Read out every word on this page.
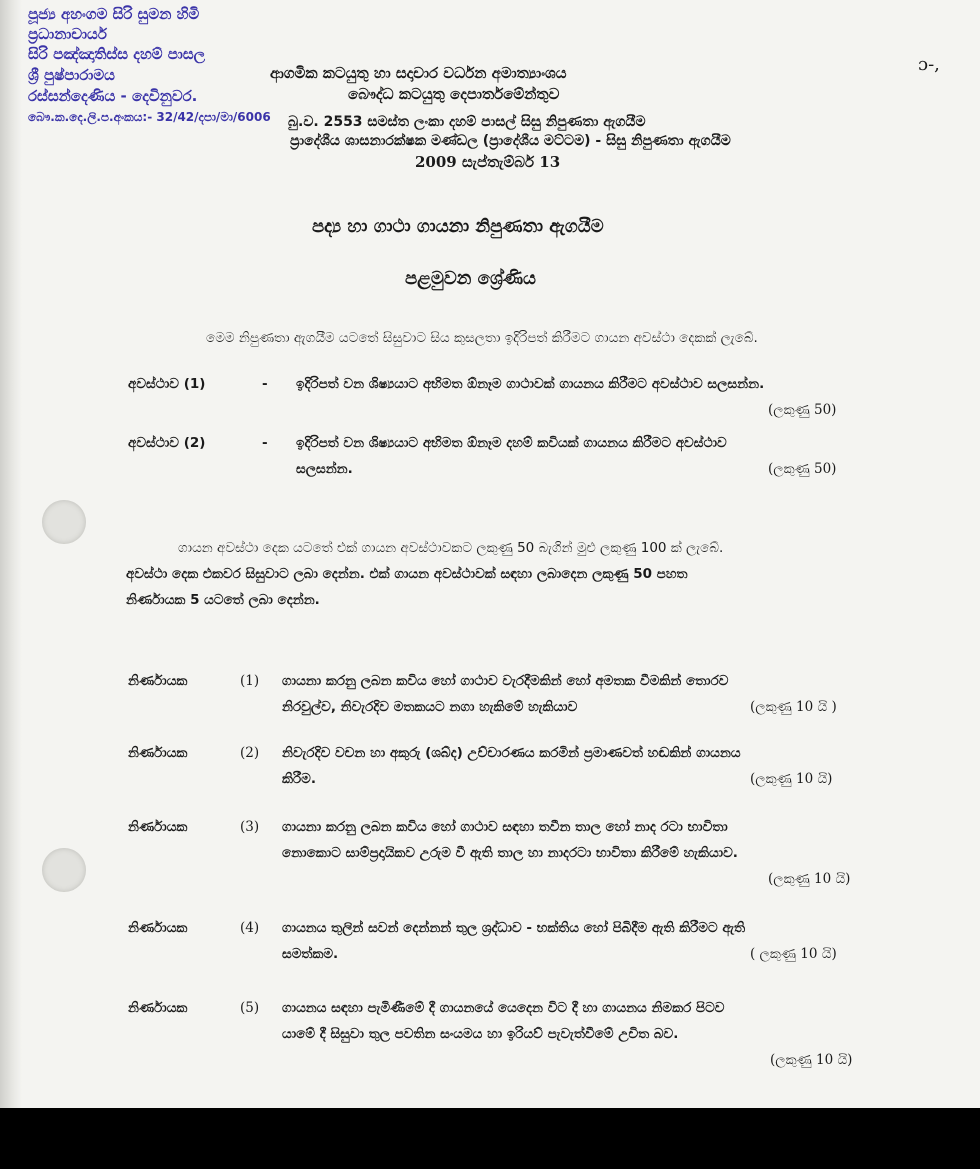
පූජ්‍ය අහංගම සිරි සුමන හිමි
ප්‍රධානාචාර්ය
සිරි පඤ්ඤාතිස්ස දහම් පාසල
ශ්‍රී පුෂ්පාරාමය
රස්සන්දෙණිය - දෙවිනුවර.
බෞ.ක.දෙ.ලි.ප.අංකය:- 32/42/දපා/මා/6006
ɔ-,
ආගමික කටයුතු හා සදාචාර වර්ධන අමාත්‍යාංශය
බෞද්ධ කටයුතු දෙපාර්තමේන්තුව
බු.ව. 2553 සමස්ත ලංකා දහම් පාසල් සිසු නිපුණතා ඇගයීම
ප්‍රාදේශීය ශාසනාරක්ෂක මණ්ඩල (ප්‍රාදේශීය මට්ටම) - සිසු නිපුණතා ඇගයීම
2009 සැප්තැම්බර් 13
පද්‍ය හා ගාථා ගායනා නිපුණතා ඇගයීම
පළමුවන ශ්‍රේණිය
මෙම නිපුණතා ඇගයීම යටතේ සිසුවාට සිය කුසලතා ඉදිරිපත් කිරීමට ගායන අවස්ථා දෙකක් ලැබේ.
අවස්ථාව (1)	- ඉදිරිපත් වන ශිෂ්‍යයාට අභිමත ඕනෑම ගාථාවක් ගායනය කිරීමට අවස්ථාව සලසන්න.
(ලකුණු 50)
අවස්ථාව (2)	- ඉදිරිපත් වන ශිෂ්‍යයාට අභිමත ඕනෑම දහම් කවියක් ගායනය කිරීමට අවස්ථාව
සලසන්න.	(ලකුණු 50)
ගායන අවස්ථා දෙක යටතේ එක් ගායන අවස්ථාවකට ලකුණු 50 බැගින් මුළු ලකුණු 100 ක් ලැබේ.
අවස්ථා දෙක එකවර සිසුවාට ලබා දෙන්න. එක් ගායන අවස්ථාවක් සඳහා ලබාදෙන ලකුණු 50 පහත
නිර්ණායක 5 යටතේ ලබා දෙන්න.
නිර්ණායක	(1) ගායනා කරනු ලබන කවිය හෝ ගාථාව වැරදීමකින් හෝ අමතක වීමකින් තොරව
නිරවුල්ව, නිවැරදිව මතකයට නගා හැකිමේ හැකියාව	(ලකුණු 10 යි )
නිර්ණායක	(2) නිවැරදිව වචන හා අකුරු (ශබ්ද) උච්චාරණය කරමින් ප්‍රමාණවත් හඬකින් ගායනය
කිරීම.	(ලකුණු 10 යි)
නිර්ණායක	(3) ගායනා කරනු ලබන කවිය හෝ ගාථාව සඳහා තවීන තාල හෝ නාද රටා භාවිතා
නොකොට සාම්ප්‍රදායිකව උරුම වී ඇති තාල හා නාදරටා භාවිතා කිරීමේ හැකියාව.
(ලකුණු 10 යි)
නිර්ණායක	(4) ගායනය තුලින් සවන් දෙන්නන් තුල ශ්‍රද්ධාව - භක්තිය හෝ පිබිදීම ඇති කිරීමට ඇති
සමත්කම.	( ලකුණු 10 යි)
නිර්ණායක	(5) ගායනය සඳහා පැමිණීමේ දී ගායනයේ යෙදෙන විට දී හා ගායනය නිමකර පිටව
යාමේ දී සිසුවා තුල පවතින සංයමය හා ඉරියව් පැවැත්වීමේ උචිත බව.
(ලකුණු 10 යි)
